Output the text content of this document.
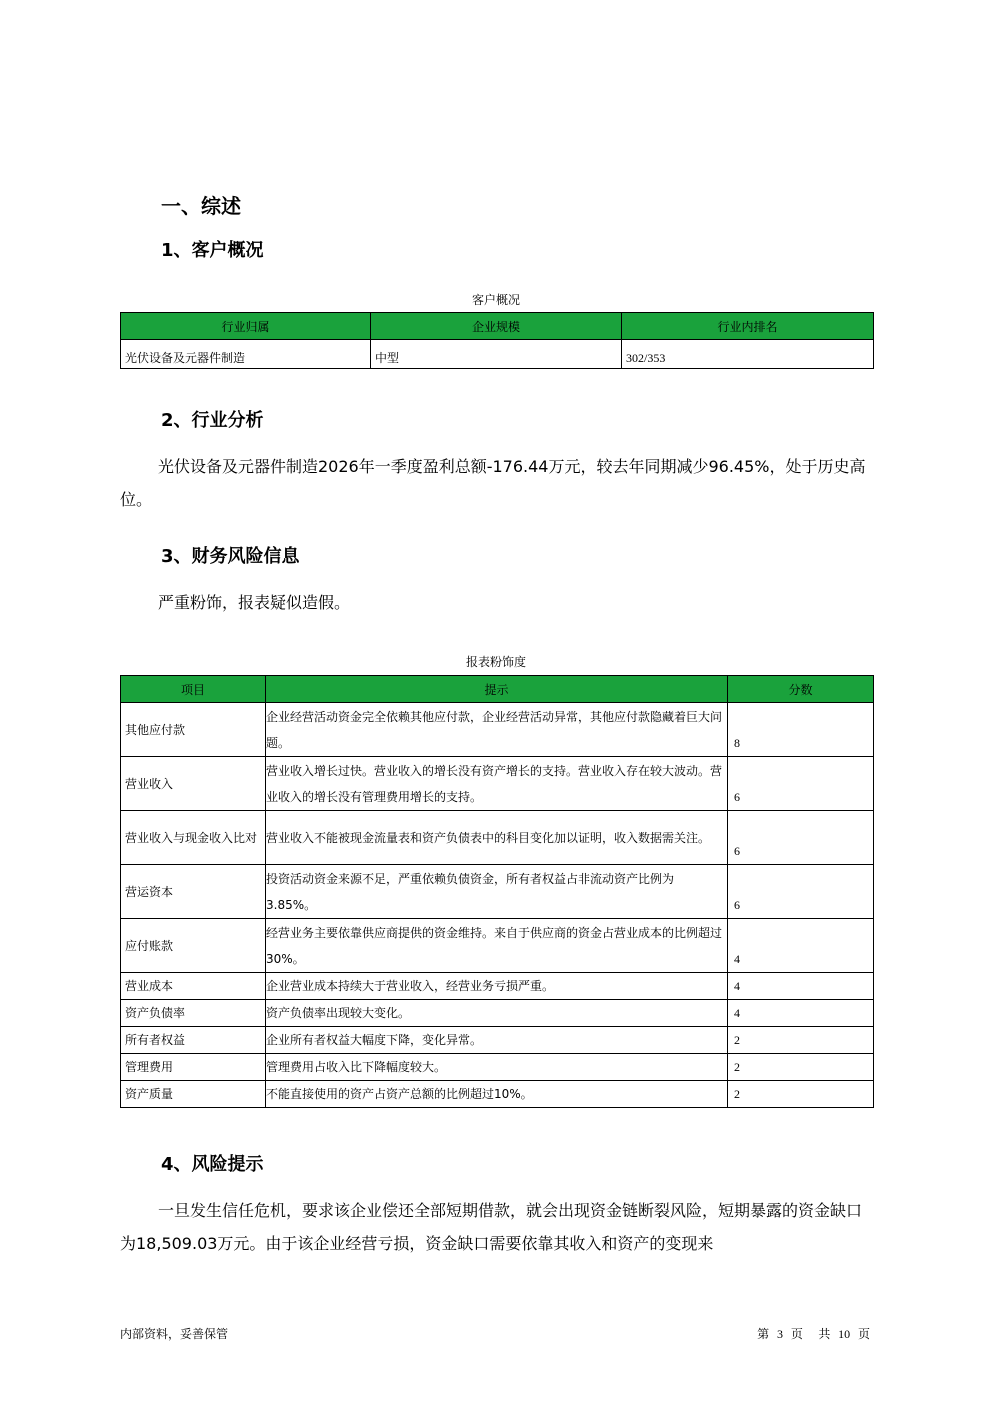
一、综述
1、客户概况
客户概况
行业归属	企业规模	行业内排名
光伏设备及元器件制造	中型	302/353
2、行业分析

光伏设备及元器件制造2026年一季度盈利总额-176.44万元，较去年同期减少96.45%，处于历史高位。

3、财务风险信息

严重粉饰，报表疑似造假。

报表粉饰度
项目	提示	分数
其他应付款	企业经营活动资金完全依赖其他应付款，企业经营活动异常，其他应付款隐藏着巨大问题。	8
营业收入	营业收入增长过快。营业收入的增长没有资产增长的支持。营业收入存在较大波动。营业收入的增长没有管理费用增长的支持。	6
营业收入与现金收入比对	营业收入不能被现金流量表和资产负债表中的科目变化加以证明，收入数据需关注。	6
营运资本	投资活动资金来源不足，严重依赖负债资金，所有者权益占非流动资产比例为3.85%。	6
应付账款	经营业务主要依靠供应商提供的资金维持。来自于供应商的资金占营业成本的比例超过30%。	4
营业成本	企业营业成本持续大于营业收入，经营业务亏损严重。	4
资产负债率	资产负债率出现较大变化。	4
所有者权益	企业所有者权益大幅度下降，变化异常。	2
管理费用	管理费用占收入比下降幅度较大。	2
资产质量	不能直接使用的资产占资产总额的比例超过10%。	2
4、风险提示

一旦发生信任危机，要求该企业偿还全部短期借款，就会出现资金链断裂风险，短期暴露的资金缺口为18,509.03万元。由于该企业经营亏损，资金缺口需要依靠其收入和资产的变现来

内部资料，妥善保管	第 3 页 共 10 页
